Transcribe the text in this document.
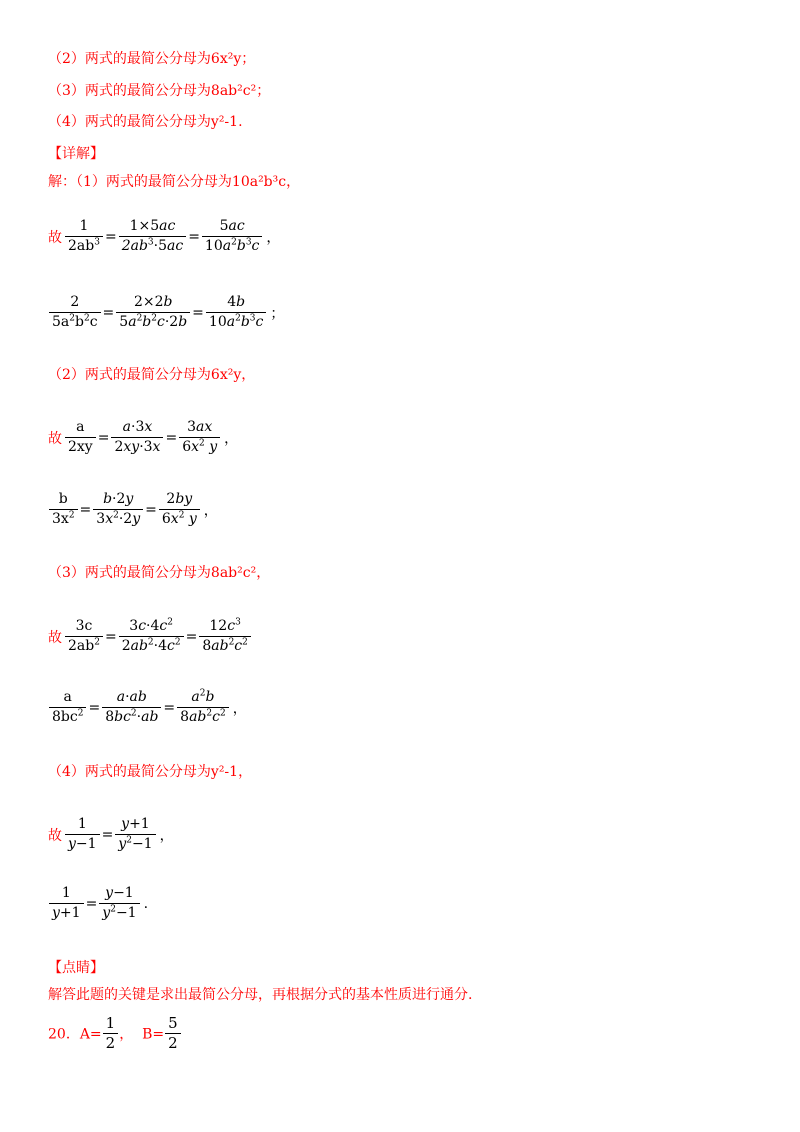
（2）两式的最简公分母为6x²y；
（3）两式的最简公分母为8ab²c²；
（4）两式的最简公分母为y²-1.
【详解】
解：（1）两式的最简公分母为10a²b³c，
故 $\frac{1}{2ab^3} = \frac{1\times 5ac}{2ab^3\cdot 5ac} = \frac{5ac}{10a^2b^3c}$ ，
$\frac{2}{5a^2b^2c} = \frac{2\times 2b}{5a^2b^2c\cdot 2b} = \frac{4b}{10a^2b^3c}$ ；
（2）两式的最简公分母为6x²y，
故 $\frac{a}{2xy} = \frac{a\cdot 3x}{2xy\cdot 3x} = \frac{3ax}{6x^2 y}$ ，
$\frac{b}{3x^2} = \frac{b\cdot 2y}{3x^2\cdot 2y} = \frac{2by}{6x^2 y}$ ，
（3）两式的最简公分母为8ab²c²，
故 $\frac{3c}{2ab^2} = \frac{3c\cdot 4c^2}{2ab^2\cdot 4c^2} = \frac{12c^3}{8ab^2c^2}$
$\frac{a}{8bc^2} = \frac{a\cdot ab}{8bc^2\cdot ab} = \frac{a^2b}{8ab^2c^2}$ ，
（4）两式的最简公分母为y²-1，
故 $\frac{1}{y-1} = \frac{y+1}{y^2-1}$ ，
$\frac{1}{y+1} = \frac{y-1}{y^2-1}$ .
【点睛】
解答此题的关键是求出最简公分母，再根据分式的基本性质进行通分.
20．$A= \frac{1}{2}$ ，  $B= \frac{5}{2}$
